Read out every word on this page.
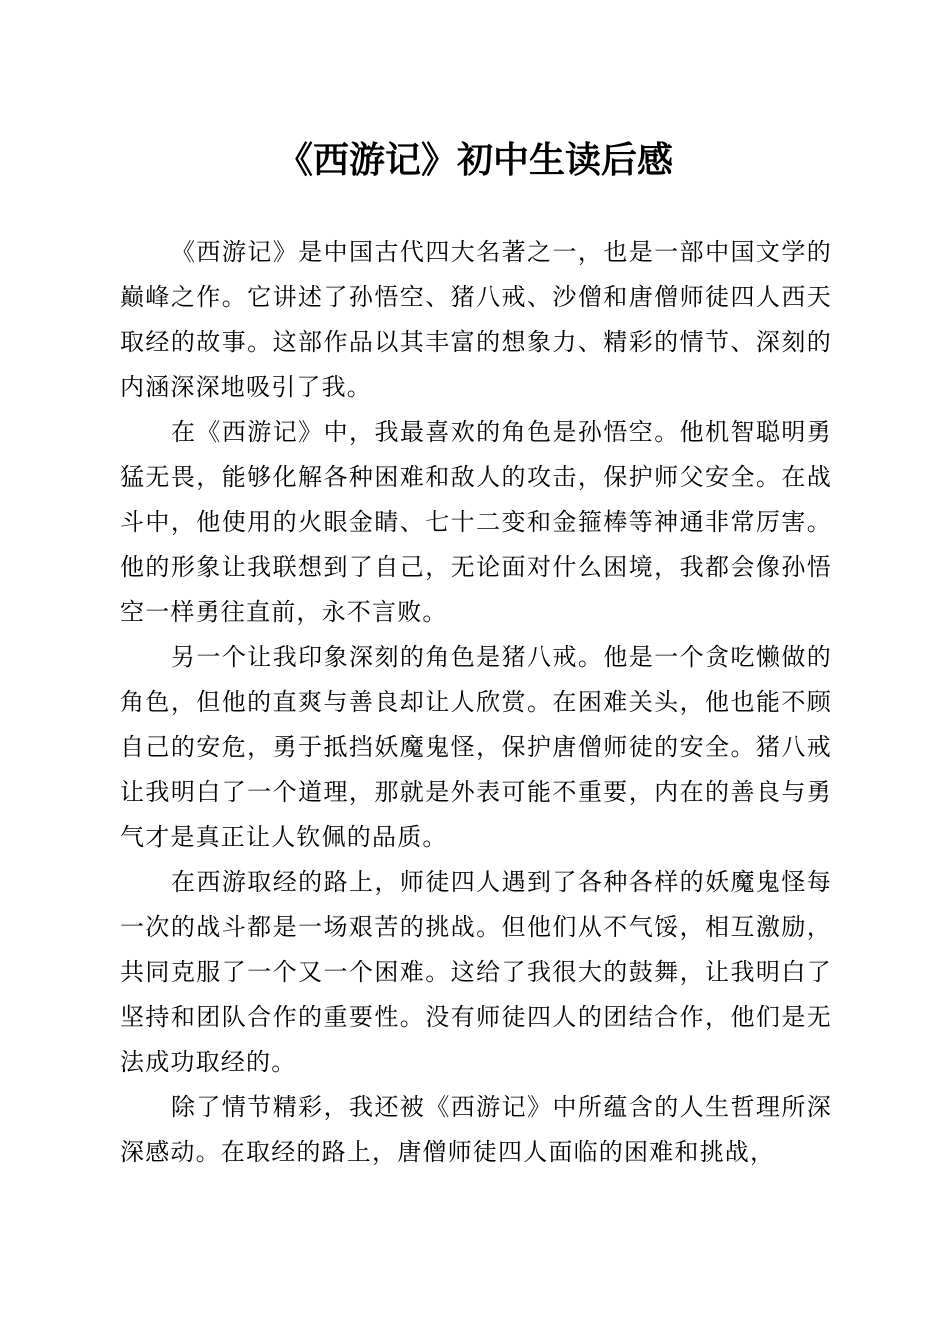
《西游记》初中生读后感

《西游记》是中国古代四大名著之一，也是一部中国文学的巅峰之作。它讲述了孙悟空、猪八戒、沙僧和唐僧师徒四人西天取经的故事。这部作品以其丰富的想象力、精彩的情节、深刻的内涵深深地吸引了我。

在《西游记》中，我最喜欢的角色是孙悟空。他机智聪明勇猛无畏，能够化解各种困难和敌人的攻击，保护师父安全。在战斗中，他使用的火眼金睛、七十二变和金箍棒等神通非常厉害。他的形象让我联想到了自己，无论面对什么困境，我都会像孙悟空一样勇往直前，永不言败。

另一个让我印象深刻的角色是猪八戒。他是一个贪吃懒做的角色，但他的直爽与善良却让人欣赏。在困难关头，他也能不顾自己的安危，勇于抵挡妖魔鬼怪，保护唐僧师徒的安全。猪八戒让我明白了一个道理，那就是外表可能不重要，内在的善良与勇气才是真正让人钦佩的品质。

在西游取经的路上，师徒四人遇到了各种各样的妖魔鬼怪每一次的战斗都是一场艰苦的挑战。但他们从不气馁，相互激励，共同克服了一个又一个困难。这给了我很大的鼓舞，让我明白了坚持和团队合作的重要性。没有师徒四人的团结合作，他们是无法成功取经的。

除了情节精彩，我还被《西游记》中所蕴含的人生哲理所深深感动。在取经的路上，唐僧师徒四人面临的困难和挑战，
